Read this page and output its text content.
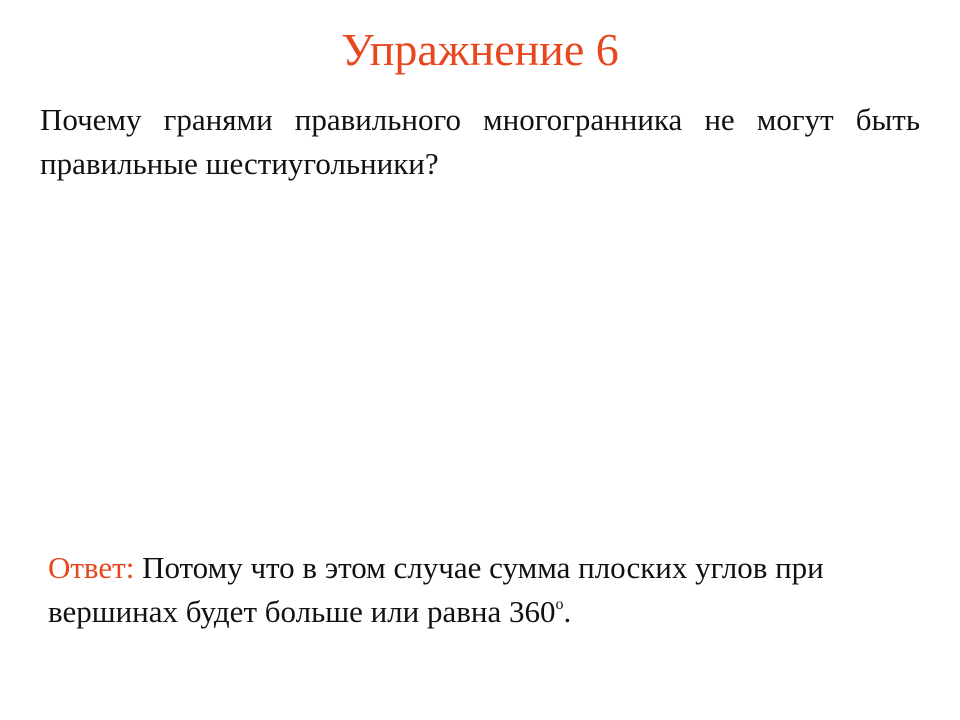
Упражнение 6
Почему гранями правильного многогранника не могут быть правильные шестиугольники?
Ответ: Потому что в этом случае сумма плоских углов при вершинах будет больше или равна $360^о$.
